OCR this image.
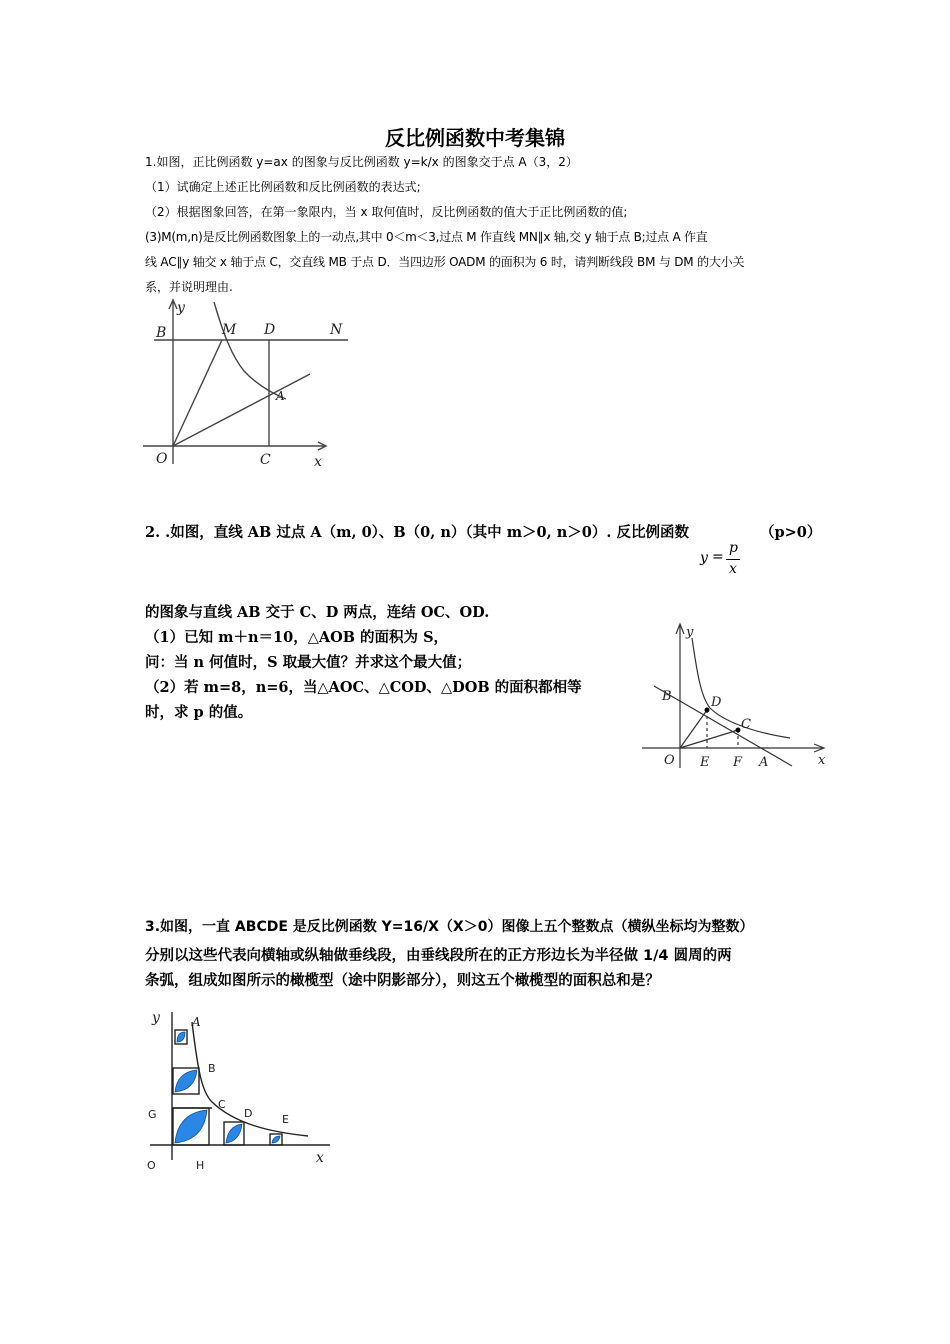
反比例函数中考集锦
1.如图，正比例函数 y=ax 的图象与反比例函数 y=k/x 的图象交于点 A（3，2）
（1）试确定上述正比例函数和反比例函数的表达式;
（2）根据图象回答，在第一象限内，当 x 取何值时，反比例函数的值大于正比例函数的值;
(3)M(m,n)是反比例函数图象上的一动点,其中 0＜m＜3,过点 M 作直线 MN∥x 轴,交 y 轴于点 B;过点 A 作直
线 AC∥y 轴交 x 轴于点 C，交直线 MB 于点 D．当四边形 OADM 的面积为 6 时，请判断线段 BM 与 DM 的大小关
系，并说明理由.
y
x
O
B	M D	N
A
C
2. .如图，直线 AB 过点 A（m, 0）、B（0, n）（其中 m＞0, n＞0）. 反比例函数	（p>0）
y =
p
x
的图象与直线 AB 交于 C、D 两点，连结 OC、OD.
（1）已知 m＋n＝10，△AOB 的面积为 S，
问：当 n 何值时，S 取最大值？并求这个最大值；
（2）若 m=8，n=6，当△AOC、△COD、△DOB 的面积都相等
时，求 p 的值。
y
x
O
B	D
C
E F A
3.如图，一直 ABCDE 是反比例函数 Y=16/X（X＞0）图像上五个整数点（横纵坐标均为整数）
分别以这些代表向横轴或纵轴做垂线段，由垂线段所在的正方形边长为半径做 1/4 圆周的两
条弧，组成如图所示的橄榄型（途中阴影部分），则这五个橄榄型的面积总和是？
y
x
A
O	H
G
B
C
D	E
